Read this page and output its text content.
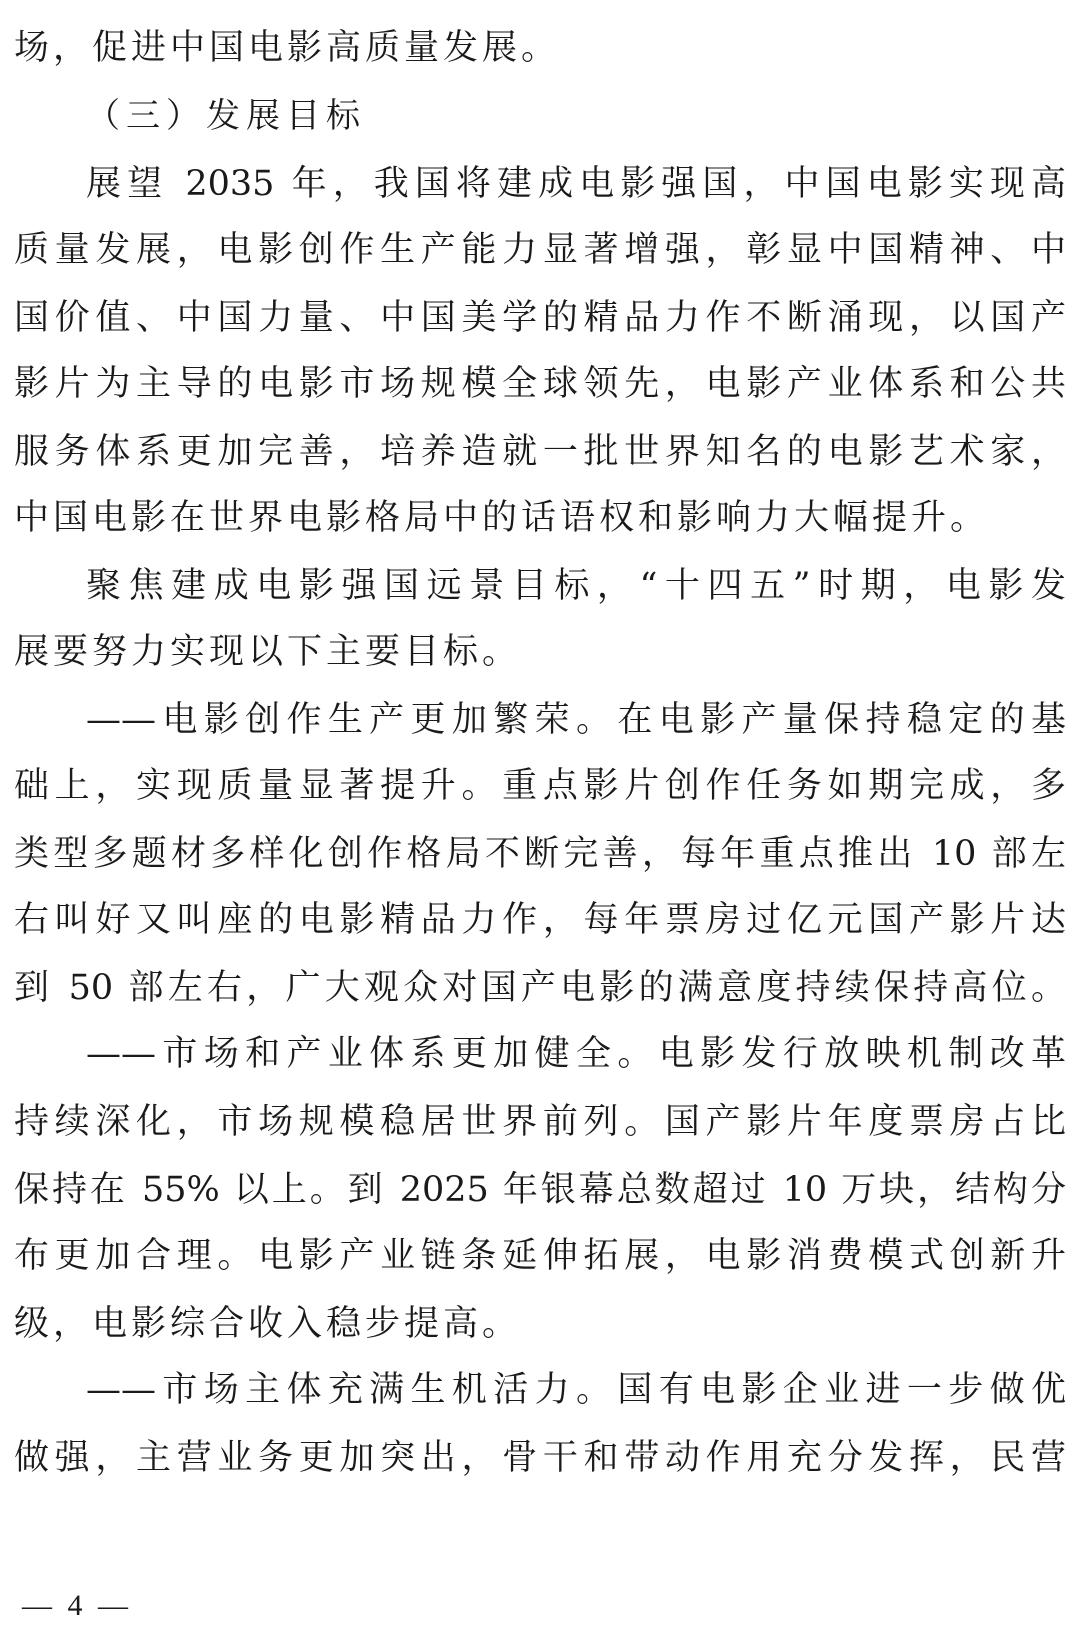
场，促进中国电影高质量发展。
（三）发展目标
展望 2035 年，我国将建成电影强国，中国电影实现高
质量发展，电影创作生产能力显著增强，彰显中国精神、中
国价值、中国力量、中国美学的精品力作不断涌现，以国产
影片为主导的电影市场规模全球领先，电影产业体系和公共
服务体系更加完善，培养造就一批世界知名的电影艺术家，
中国电影在世界电影格局中的话语权和影响力大幅提升。
聚焦建成电影强国远景目标，“十四五”时期，电影发
展要努力实现以下主要目标。
——电影创作生产更加繁荣。在电影产量保持稳定的基
础上，实现质量显著提升。重点影片创作任务如期完成，多
类型多题材多样化创作格局不断完善，每年重点推出 10 部左
右叫好又叫座的电影精品力作，每年票房过亿元国产影片达
到 50 部左右，广大观众对国产电影的满意度持续保持高位。
——市场和产业体系更加健全。电影发行放映机制改革
持续深化，市场规模稳居世界前列。国产影片年度票房占比
保持在 55% 以上。到 2025 年银幕总数超过 10 万块，结构分
布更加合理。电影产业链条延伸拓展，电影消费模式创新升
级，电影综合收入稳步提高。
——市场主体充满生机活力。国有电影企业进一步做优
做强，主营业务更加突出，骨干和带动作用充分发挥，民营
— 4 —
